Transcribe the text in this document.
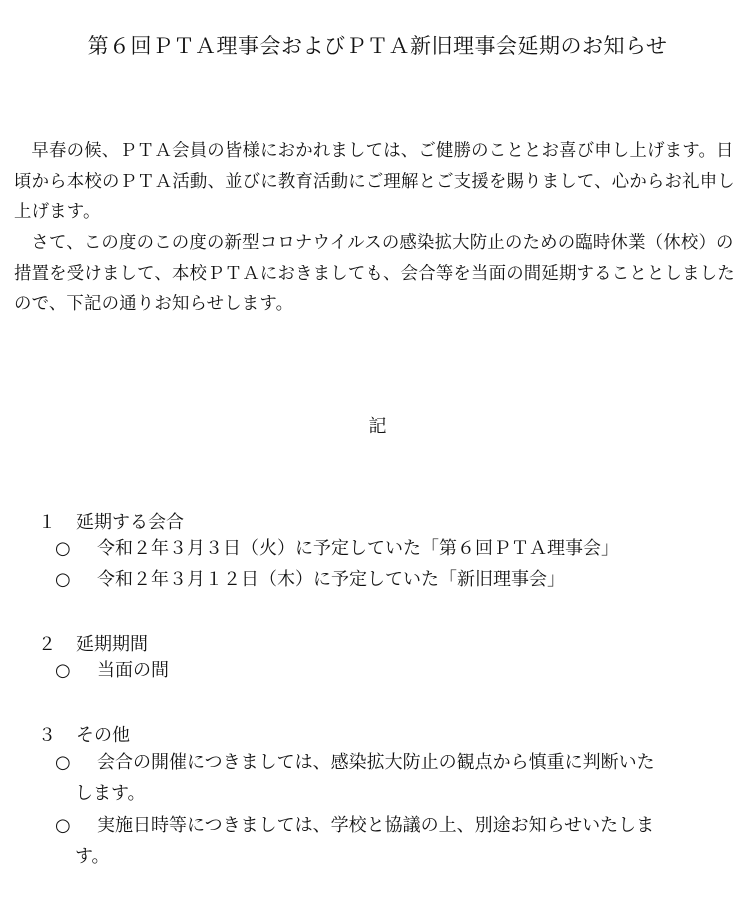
第６回ＰＴＡ理事会およびＰＴＡ新旧理事会延期のお知らせ

早春の候、ＰＴＡ会員の皆様におかれましては、ご健勝のこととお喜び申し上げます。日頃から本校のＰＴＡ活動、並びに教育活動にご理解とご支援を賜りまして、心からお礼申し上げます。

さて、この度のこの度の新型コロナウイルスの感染拡大防止のための臨時休業（休校）の措置を受けまして、本校ＰＴＡにおきましても、会合等を当面の間延期することとしましたので、下記の通りお知らせします。

記
１ 延期する会合
○ 令和２年３月３日（火）に予定していた「第６回ＰＴＡ理事会」
○ 令和２年３月１２日（木）に予定していた「新旧理事会」
２ 延期期間
○ 当面の間
３ その他
○ 会合の開催につきましては、感染拡大防止の観点から慎重に判断いた
します。
○ 実施日時等につきましては、学校と協議の上、別途お知らせいたしま
す。
